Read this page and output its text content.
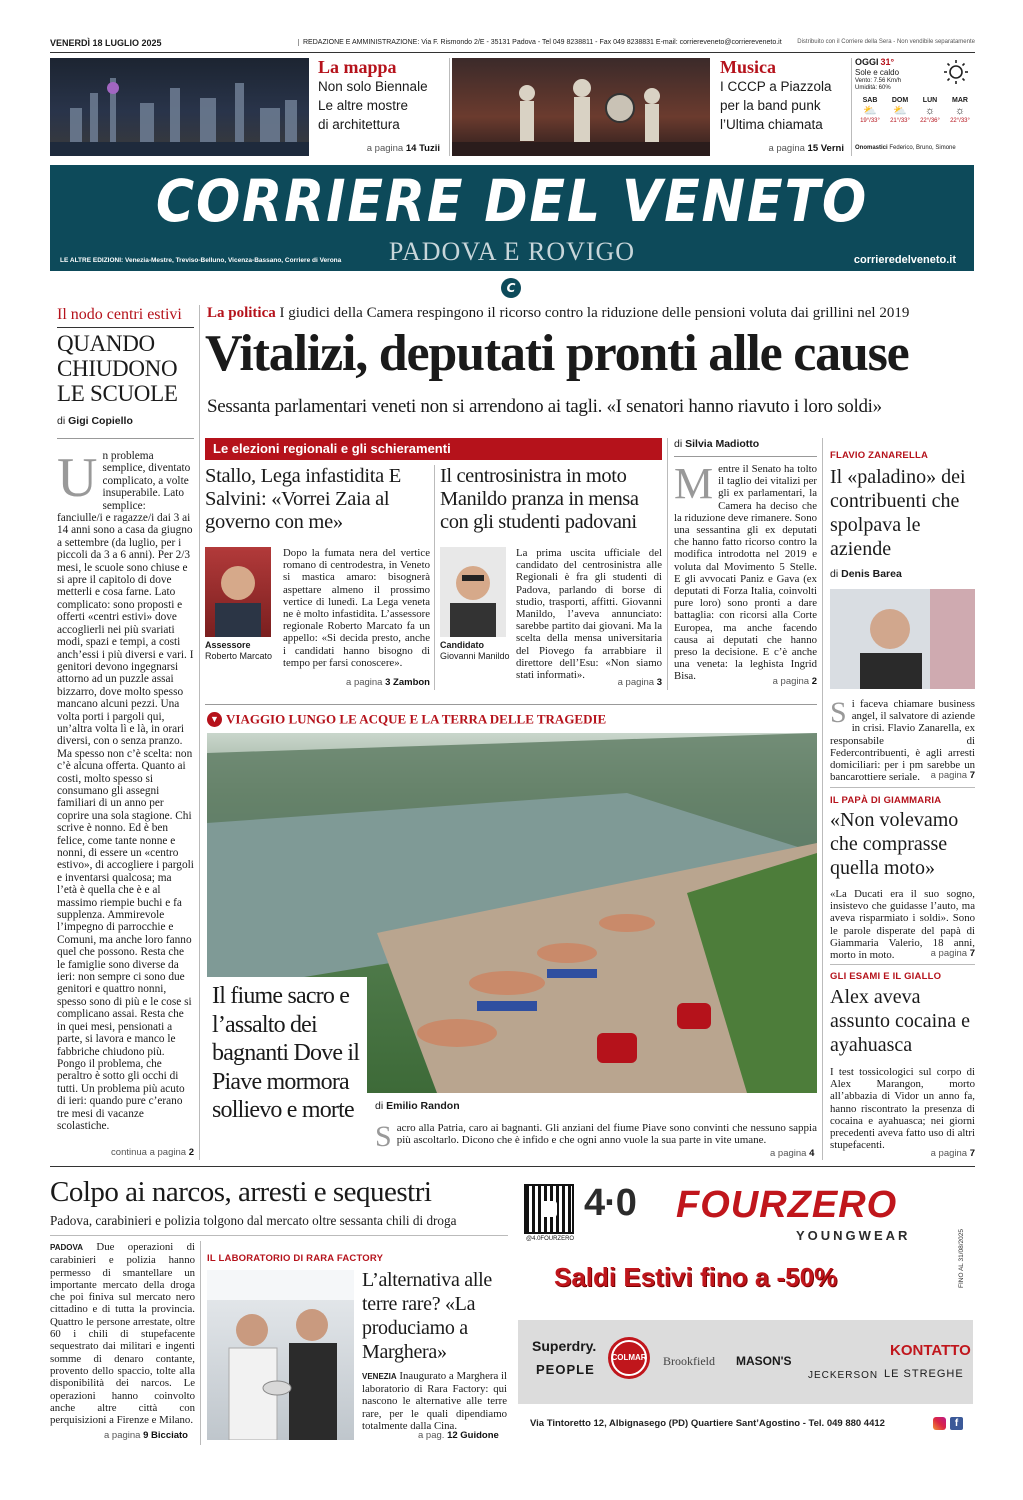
VENERDÌ 18 LUGLIO 2025	REDAZIONE E AMMINISTRAZIONE: Via F. Rismondo 2/E - 35131 Padova - Tel 049 8238811 - Fax 049 8238831 E-mail: corriereveneto@corriereveneto.it	Distribuito con il Corriere della Sera - Non vendibile separatamente
La mappa
Non solo Biennale
Le altre mostre
di architettura
a pagina 14 Tuzii
Musica
I CCCP a Piazzola
per la band punk
l’Ultima chiamata
a pagina 15 Verni
OGGI 31°
Sole e caldo
Vento: 7.56 Km/h
Umidità: 60%
SAB
⛅
19°/33°
DOM
⛅
21°/33°
LUN
☼
22°/36°
MAR
☼
22°/33°
Onomastici Federico, Bruno, Simone
CORRIERE DEL VENETO
PADOVA E ROVIGO
LE ALTRE EDIZIONI: Venezia-Mestre, Treviso-Belluno, Vicenza-Bassano, Corriere di Verona	corrieredelveneto.it
C
Il nodo centri estivi
QUANDO CHIUDONO LE SCUOLE
di Gigi Copiello
Un problema semplice, diventato complicato, a volte insuperabile. Lato semplice: fanciulle/i e ragazze/i dai 3 ai 14 anni sono a casa da giugno a settembre (da luglio, per i piccoli da 3 a 6 anni). Per 2/3 mesi, le scuole sono chiuse e si apre il capitolo di dove metterli e cosa farne. Lato complicato: sono proposti e offerti «centri estivi» dove accoglierli nei più svariati modi, spazi e tempi, a costi anch’essi i più diversi e vari. I genitori devono ingegnarsi attorno ad un puzzle assai bizzarro, dove molto spesso mancano alcuni pezzi. Una volta porti i pargoli qui, un’altra volta lì e là, in orari diversi, con o senza pranzo. Ma spesso non c’è scelta: non c’è alcuna offerta. Quanto ai costi, molto spesso si consumano gli assegni familiari di un anno per coprire una sola stagione. Chi scrive è nonno. Ed è ben felice, come tante nonne e nonni, di essere un «centro estivo», di accogliere i pargoli e inventarsi qualcosa; ma l’età è quella che è e al massimo riempie buchi e fa supplenza. Ammirevole l’impegno di parrocchie e Comuni, ma anche loro fanno quel che possono. Resta che le famiglie sono diverse da ieri: non sempre ci sono due genitori e quattro nonni, spesso sono di più e le cose si complicano assai. Resta che in quei mesi, pensionati a parte, si lavora e manco le fabbriche chiudono più. Pongo il problema, che peraltro è sotto gli occhi di tutti. Un problema più acuto di ieri: quando pure c’erano tre mesi di vacanze scolastiche.
continua a pagina 2
La politica I giudici della Camera respingono il ricorso contro la riduzione delle pensioni voluta dai grillini nel 2019
Vitalizi, deputati pronti alle cause
Sessanta parlamentari veneti non si arrendono ai tagli. «I senatori hanno riavuto i loro soldi»
Le elezioni regionali e gli schieramenti
Stallo, Lega infastidita E Salvini: «Vorrei Zaia al governo con me»
Assessore
Roberto Marcato
Dopo la fumata nera del vertice romano di centrodestra, in Veneto si mastica amaro: bisognerà aspettare almeno il prossimo vertice di lunedì. La Lega veneta ne è molto infastidita. L’assessore regionale Roberto Marcato fa un appello: «Si decida presto, anche i candidati hanno bisogno di tempo per farsi conoscere».
a pagina 3 Zambon
Il centrosinistra in moto Manildo pranza in mensa con gli studenti padovani
Candidato
Giovanni Manildo
La prima uscita ufficiale del candidato del centrosinistra alle Regionali è fra gli studenti di Padova, parlando di borse di studio, trasporti, affitti. Giovanni Manildo, l’aveva annunciato: sarebbe partito dai giovani. Ma la scelta della mensa universitaria del Piovego fa arrabbiare il direttore dell’Esu: «Non siamo stati informati».
a pagina 3
di Silvia Madiotto
Mentre il Senato ha tolto il taglio dei vitalizi per gli ex parlamentari, la Camera ha deciso che la riduzione deve rimanere. Sono una sessantina gli ex deputati che hanno fatto ricorso contro la modifica introdotta nel 2019 e voluta dal Movimento 5 Stelle. E gli avvocati Paniz e Gava (ex deputati di Forza Italia, coinvolti pure loro) sono pronti a dare battaglia: con ricorsi alla Corte Europea, ma anche facendo causa ai deputati che hanno preso la decisione. E c’è anche una veneta: la leghista Ingrid Bisa.	a pagina 2
FLAVIO ZANARELLA
Il «paladino» dei contribuenti che spolpava le aziende
di Denis Barea
Si faceva chiamare business angel, il salvatore di aziende in crisi. Flavio Zanarella, ex responsabile di Federcontribuenti, è agli arresti domiciliari: per i pm sarebbe un bancarottiere seriale.	a pagina 7
IL PAPÀ DI GIAMMARIA
«Non volevamo che comprasse quella moto»
«La Ducati era il suo sogno, insistevo che guidasse l’auto, ma aveva risparmiato i soldi». Sono le parole disperate del papà di Giammaria Valerio, 18 anni, morto in moto.	a pagina 7
GLI ESAMI E IL GIALLO
Alex aveva assunto cocaina e ayahuasca
I test tossicologici sul corpo di Alex Marangon, morto all’abbazia di Vidor un anno fa, hanno riscontrato la presenza di cocaina e ayahuasca; nei giorni precedenti aveva fatto uso di altri stupefacenti.
a pagina 7
▼ VIAGGIO LUNGO LE ACQUE E LA TERRA DELLE TRAGEDIE
Il fiume sacro e l’assalto dei bagnanti Dove il Piave mormora sollievo e morte	di Emilio Randon
Sacro alla Patria, caro ai bagnanti. Gli anziani del fiume Piave sono convinti che nessuno sappia più ascoltarlo. Dicono che è infido e che ogni anno vuole la sua parte in vite umane.
a pagina 4
Colpo ai narcos, arresti e sequestri
Padova, carabinieri e polizia tolgono dal mercato oltre sessanta chili di droga
PADOVA Due operazioni di carabinieri e polizia hanno permesso di smantellare un importante mercato della droga che poi finiva sul mercato nero cittadino e di tutta la provincia. Quattro le persone arrestate, oltre 60 i chili di stupefacente sequestrato dai militari e ingenti somme di denaro contante, provento dello spaccio, tolte alla disponibilità dei narcos. Le operazioni hanno coinvolto anche altre città con perquisizioni a Firenze e Milano.
a pagina 9 Bicciato
IL LABORATORIO DI RARA FACTORY
L’alternativa alle terre rare? «La produciamo a Marghera»
VENEZIA Inaugurato a Marghera il laboratorio di Rara Factory: qui nascono le alternative alle terre rare, per le quali dipendiamo totalmente dalla Cina.
a pag. 12 Guidone
@4.0FOURZERO
4·0 FOURZERO
YOUNGWEAR	FINO AL 31/08/2025
Saldi Estivi fino a -50%
Superdry.
PEOPLE
COLMAR Brookfield MASON'S
JECKERSON
KONTATTO
LE STREGHE
Via Tintoretto 12, Albignasego (PD) Quartiere Sant’Agostino - Tel. 049 880 4412	f
